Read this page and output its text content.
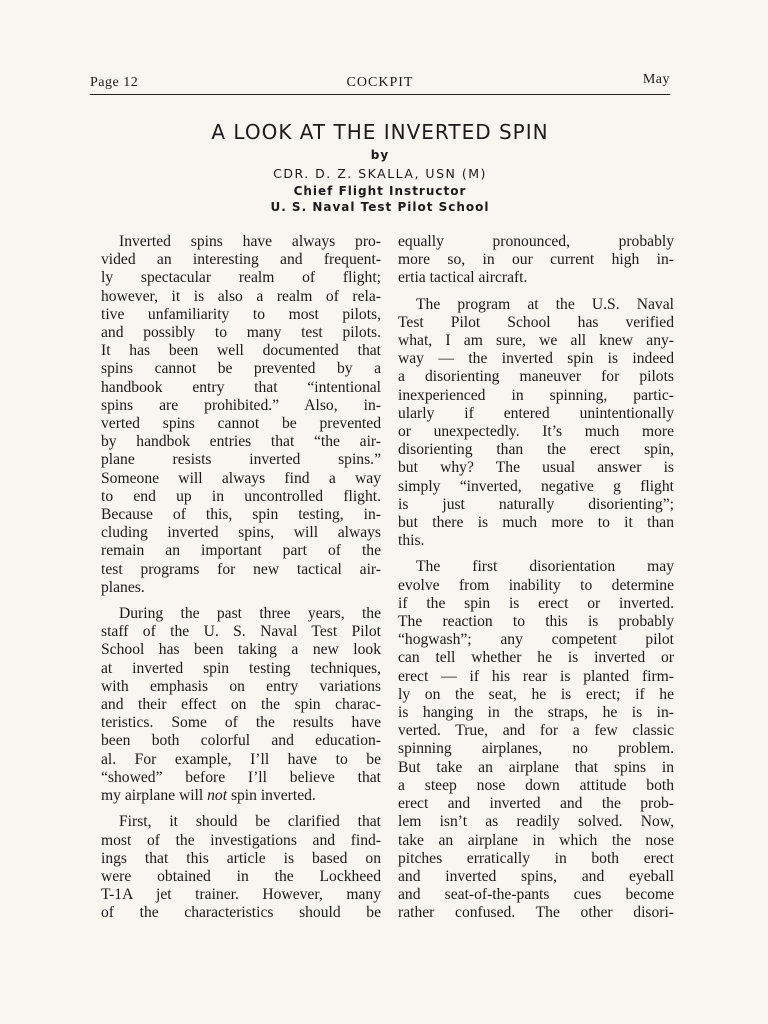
Page 12	COCKPIT	May
A LOOK AT THE INVERTED SPIN
by
CDR. D. Z. SKALLA, USN (M)
Chief Flight Instructor
U. S. Naval Test Pilot School

Inverted spins have always pro-
vided an interesting and frequent-
ly spectacular realm of flight;
however, it is also a realm of rela-
tive unfamiliarity to most pilots,
and possibly to many test pilots.
It has been well documented that
spins cannot be prevented by a
handbook entry that “intentional
spins are prohibited.” Also, in-
verted spins cannot be prevented
by handbok entries that “the air-
plane resists inverted spins.”
Someone will always find a way
to end up in uncontrolled flight.
Because of this, spin testing, in-
cluding inverted spins, will always
remain an important part of the
test programs for new tactical air-
planes.

During the past three years, the
staff of the U. S. Naval Test Pilot
School has been taking a new look
at inverted spin testing techniques,
with emphasis on entry variations
and their effect on the spin charac-
teristics. Some of the results have
been both colorful and education-
al. For example, I’ll have to be
“showed” before I’ll believe that
my airplane will not spin inverted.

First, it should be clarified that
most of the investigations and find-
ings that this article is based on
were obtained in the Lockheed
T-1A jet trainer. However, many
of the characteristics should be

equally pronounced, probably
more so, in our current high in-
ertia tactical aircraft.

The program at the U.S. Naval
Test Pilot School has verified
what, I am sure, we all knew any-
way — the inverted spin is indeed
a disorienting maneuver for pilots
inexperienced in spinning, partic-
ularly if entered unintentionally
or unexpectedly. It’s much more
disorienting than the erect spin,
but why? The usual answer is
simply “inverted, negative g flight
is just naturally disorienting”;
but there is much more to it than
this.

The first disorientation may
evolve from inability to determine
if the spin is erect or inverted.
The reaction to this is probably
“hogwash”; any competent pilot
can tell whether he is inverted or
erect — if his rear is planted firm-
ly on the seat, he is erect; if he
is hanging in the straps, he is in-
verted. True, and for a few classic
spinning airplanes, no problem.
But take an airplane that spins in
a steep nose down attitude both
erect and inverted and the prob-
lem isn’t as readily solved. Now,
take an airplane in which the nose
pitches erratically in both erect
and inverted spins, and eyeball
and seat-of-the-pants cues become
rather confused. The other disori-
